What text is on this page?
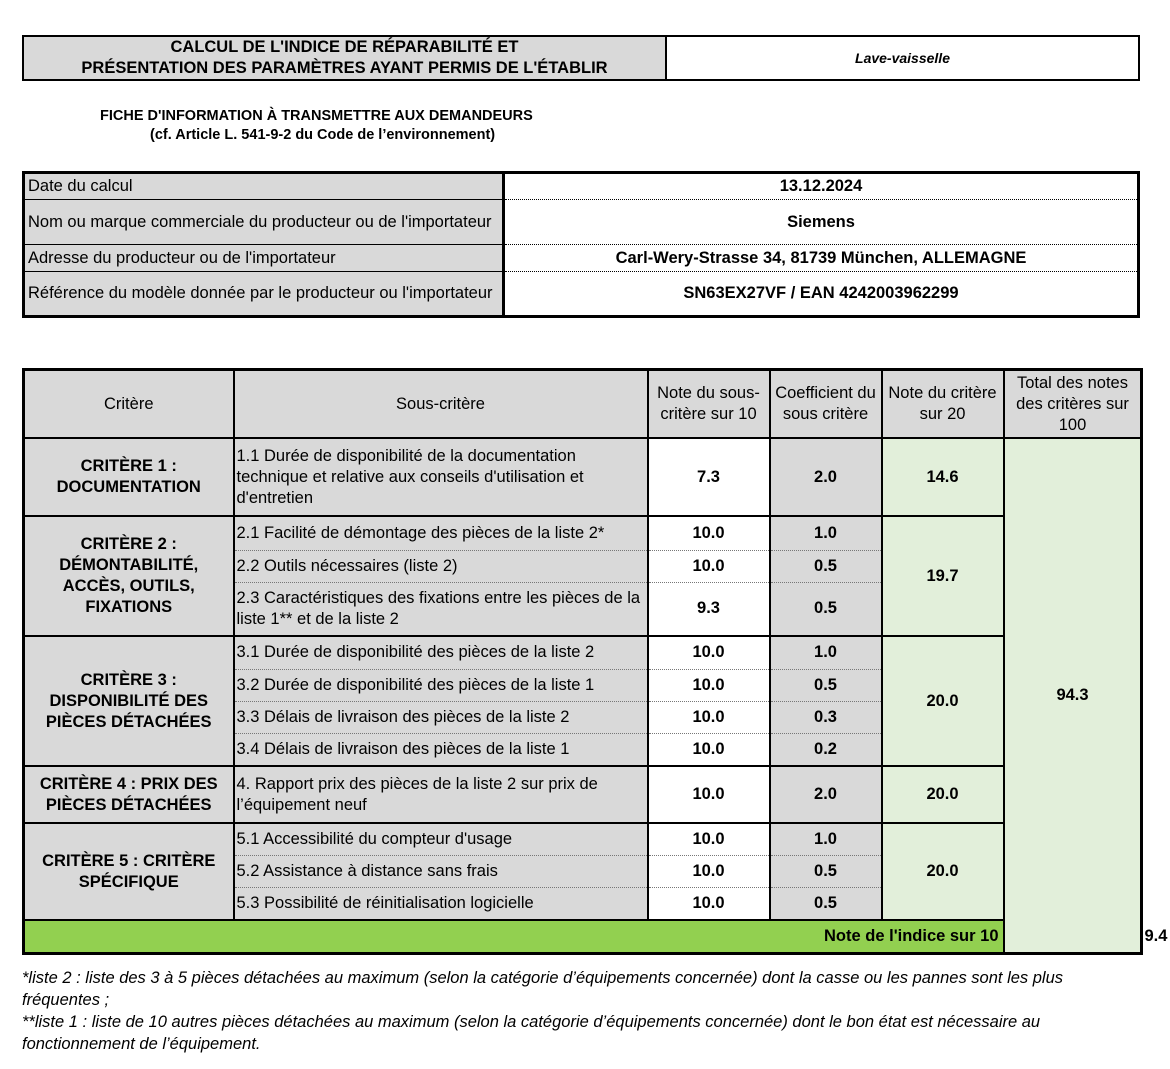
CALCUL DE L'INDICE DE RÉPARABILITÉ ET
PRÉSENTATION DES PARAMÈTRES AYANT PERMIS DE L'ÉTABLIR
Lave-vaisselle
FICHE D'INFORMATION À TRANSMETTRE AUX DEMANDEURS
(cf. Article L. 541-9-2 du Code de l’environnement)
Date du calcul	13.12.2024
Nom ou marque commerciale du producteur ou de l'importateur	Siemens
Adresse du producteur ou de l'importateur	Carl-Wery-Strasse 34, 81739 München, ALLEMAGNE
Référence du modèle donnée par le producteur ou l'importateur	SN63EX27VF / EAN 4242003962299
Critère	Sous-critère	Note du sous-critère sur 10	Coefficient du sous critère	Note du critère sur 20	Total des notes des critères sur 100	
CRITÈRE 1 : DOCUMENTATION	1.1 Durée de disponibilité de la documentation technique et relative aux conseils d'utilisation et d'entretien	7.3	2.0	14.6	94.3	
CRITÈRE 2 : DÉMONTABILITÉ, ACCÈS, OUTILS, FIXATIONS	2.1 Facilité de démontage des pièces de la liste 2*	10.0	1.0	19.7		
	2.2 Outils nécessaires (liste 2)	10.0	0.5			
	2.3 Caractéristiques des fixations entre les pièces de la liste 1** et de la liste 2	9.3	0.5			
CRITÈRE 3 : DISPONIBILITÉ DES PIÈCES DÉTACHÉES	3.1 Durée de disponibilité des pièces de la liste 2	10.0	1.0	20.0		
	3.2 Durée de disponibilité des pièces de la liste 1	10.0	0.5			
	3.3 Délais de livraison des pièces de la liste 2	10.0	0.3			
	3.4 Délais de livraison des pièces de la liste 1	10.0	0.2			
CRITÈRE 4 : PRIX DES PIÈCES DÉTACHÉES	4. Rapport prix des pièces de la liste 2 sur prix de l’équipement neuf	10.0	2.0	20.0		
CRITÈRE 5 : CRITÈRE SPÉCIFIQUE	5.1 Accessibilité du compteur d'usage	10.0	1.0	20.0		
	5.2 Assistance à distance sans frais	10.0	0.5			
	5.3 Possibilité de réinitialisation logicielle	10.0	0.5			
Note de l'indice sur 10						9.4
*liste 2 : liste des 3 à 5 pièces détachées au maximum (selon la catégorie d’équipements concernée) dont la casse ou les pannes sont les plus fréquentes ;
**liste 1 : liste de 10 autres pièces détachées au maximum (selon la catégorie d’équipements concernée) dont le bon état est nécessaire au fonctionnement de l’équipement.
